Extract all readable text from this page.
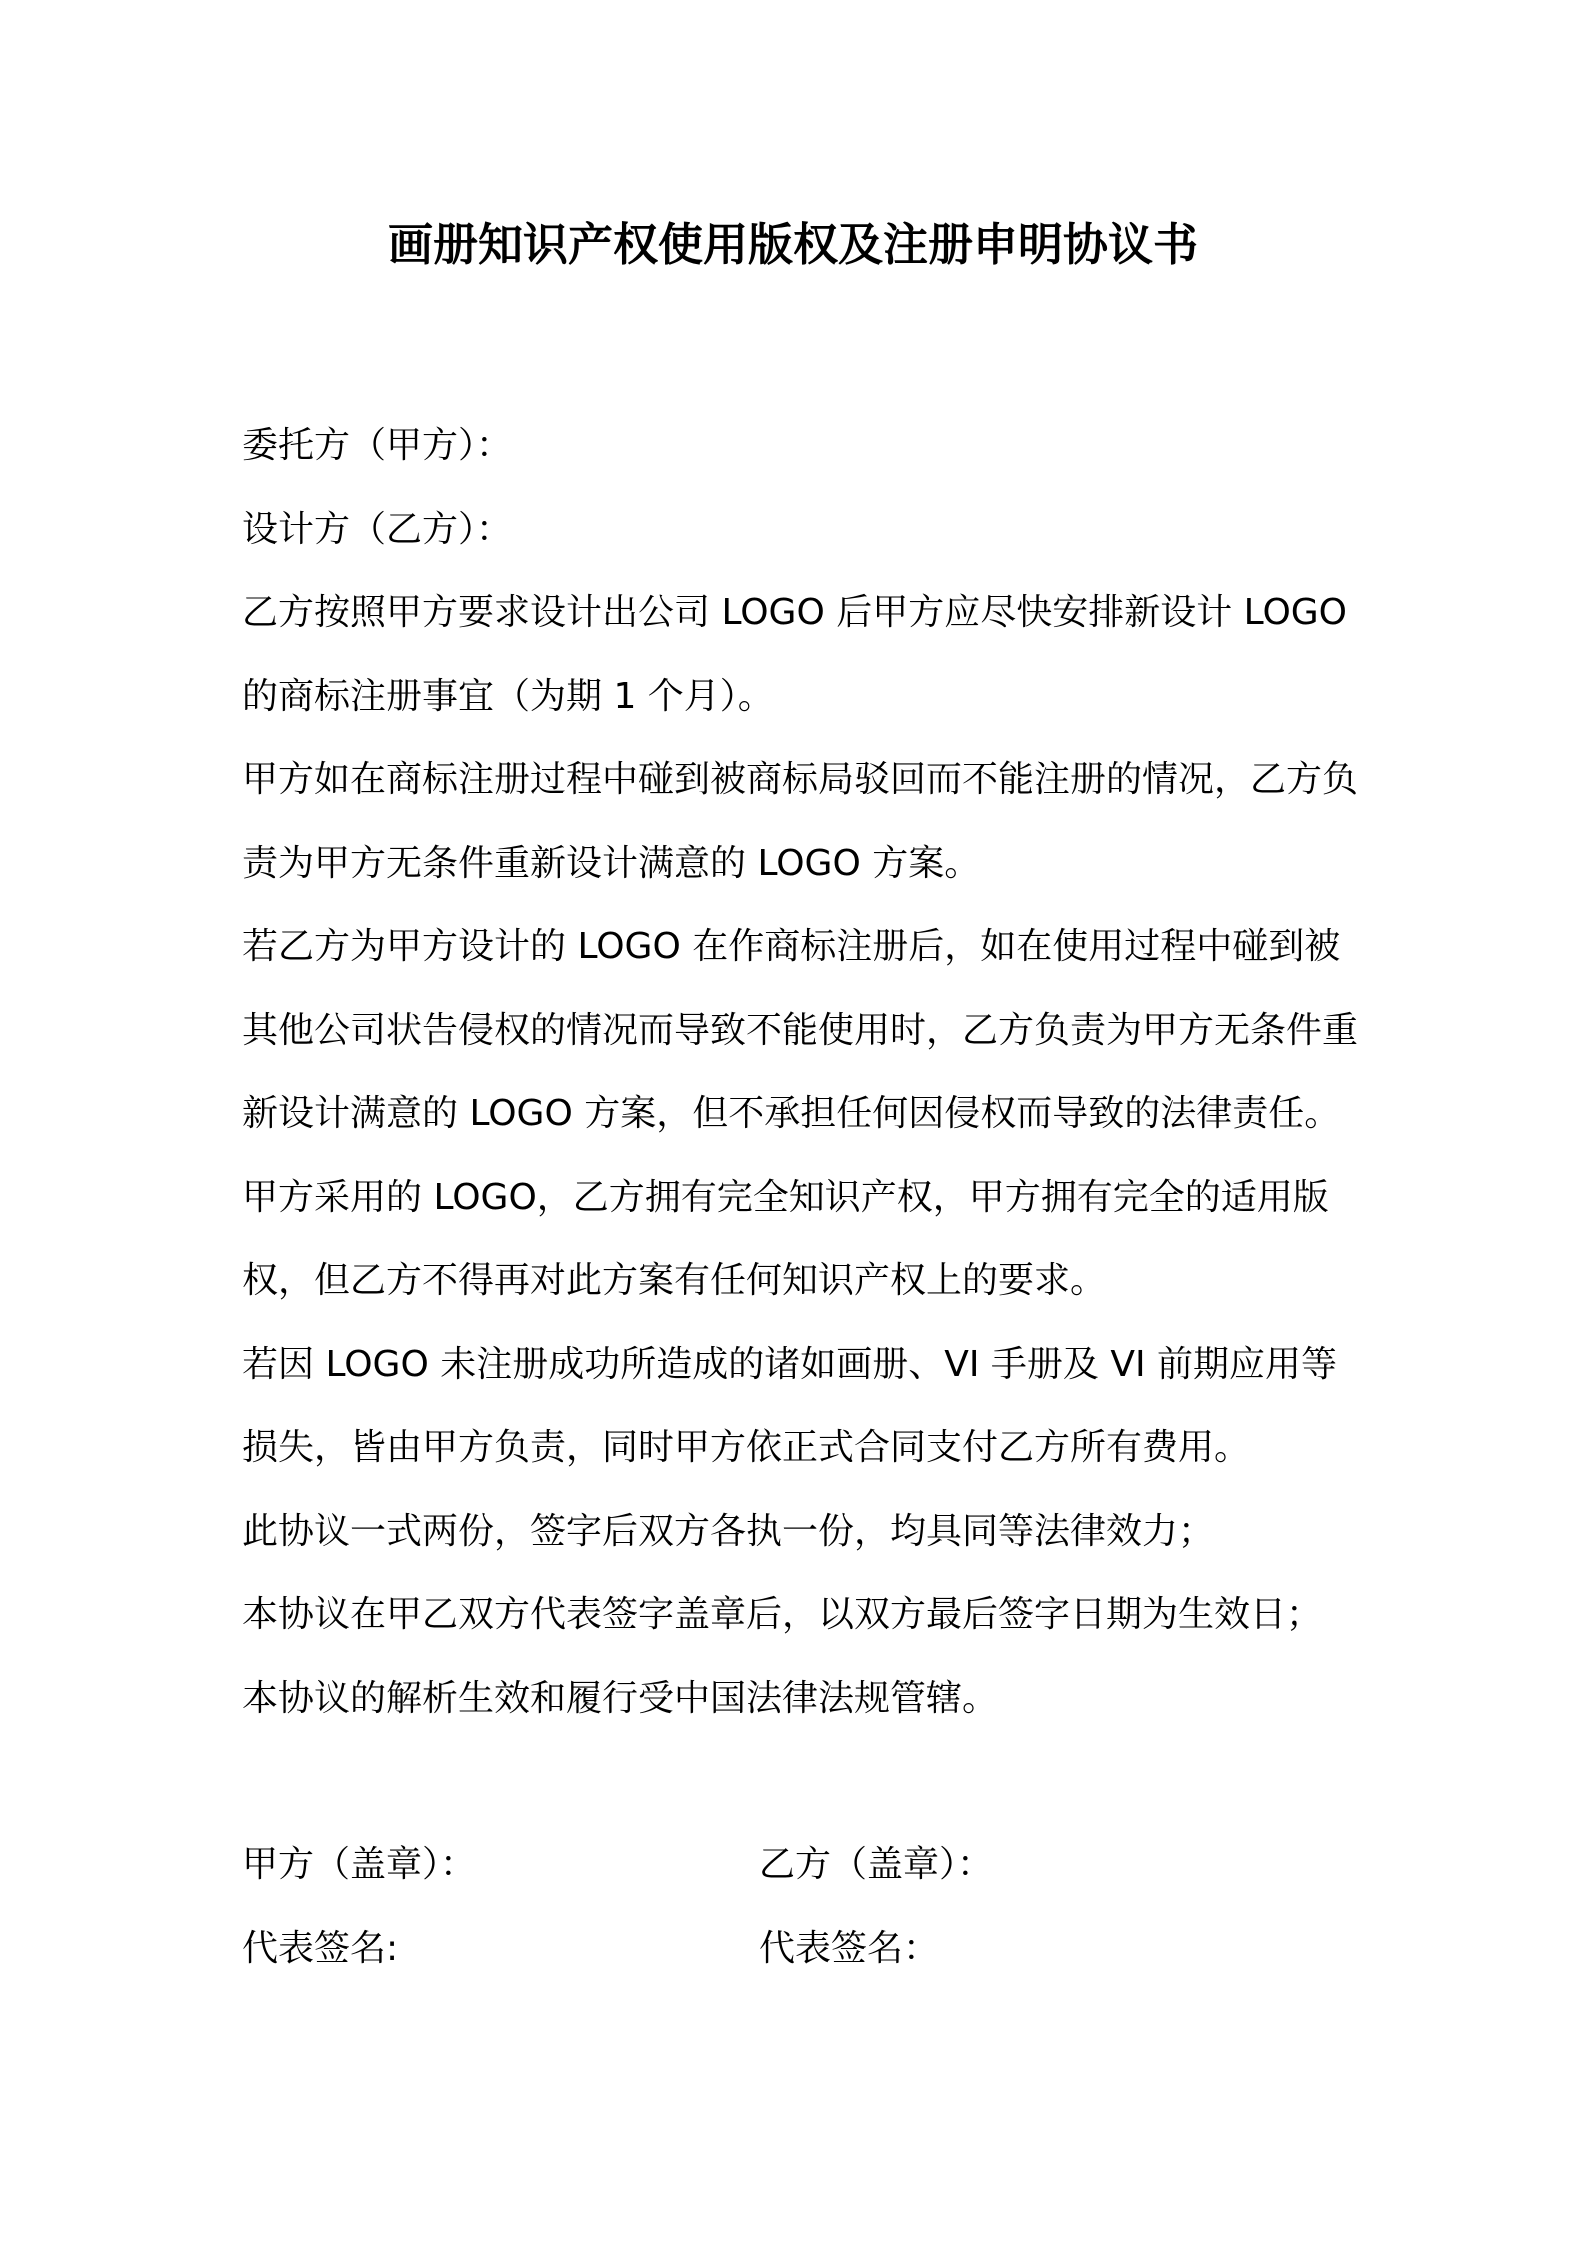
画册知识产权使用版权及注册申明协议书

委托方（甲方）：

设计方（乙方）：

乙方按照甲方要求设计出公司 LOGO 后甲方应尽快安排新设计 LOGO 的商标注册事宜（为期 1 个月）。

甲方如在商标注册过程中碰到被商标局驳回而不能注册的情况，乙方负责为甲方无条件重新设计满意的 LOGO 方案。

若乙方为甲方设计的 LOGO 在作商标注册后，如在使用过程中碰到被其他公司状告侵权的情况而导致不能使用时，乙方负责为甲方无条件重新设计满意的 LOGO 方案，但不承担任何因侵权而导致的法律责任。

甲方采用的 LOGO，乙方拥有完全知识产权，甲方拥有完全的适用版权，但乙方不得再对此方案有任何知识产权上的要求。

若因 LOGO 未注册成功所造成的诸如画册、VI 手册及 VI 前期应用等损失，皆由甲方负责，同时甲方依正式合同支付乙方所有费用。

此协议一式两份，签字后双方各执一份，均具同等法律效力；

本协议在甲乙双方代表签字盖章后，以双方最后签字日期为生效日；

本协议的解析生效和履行受中国法律法规管辖。

甲方（盖章）：	乙方（盖章）：
代表签名:	代表签名：
